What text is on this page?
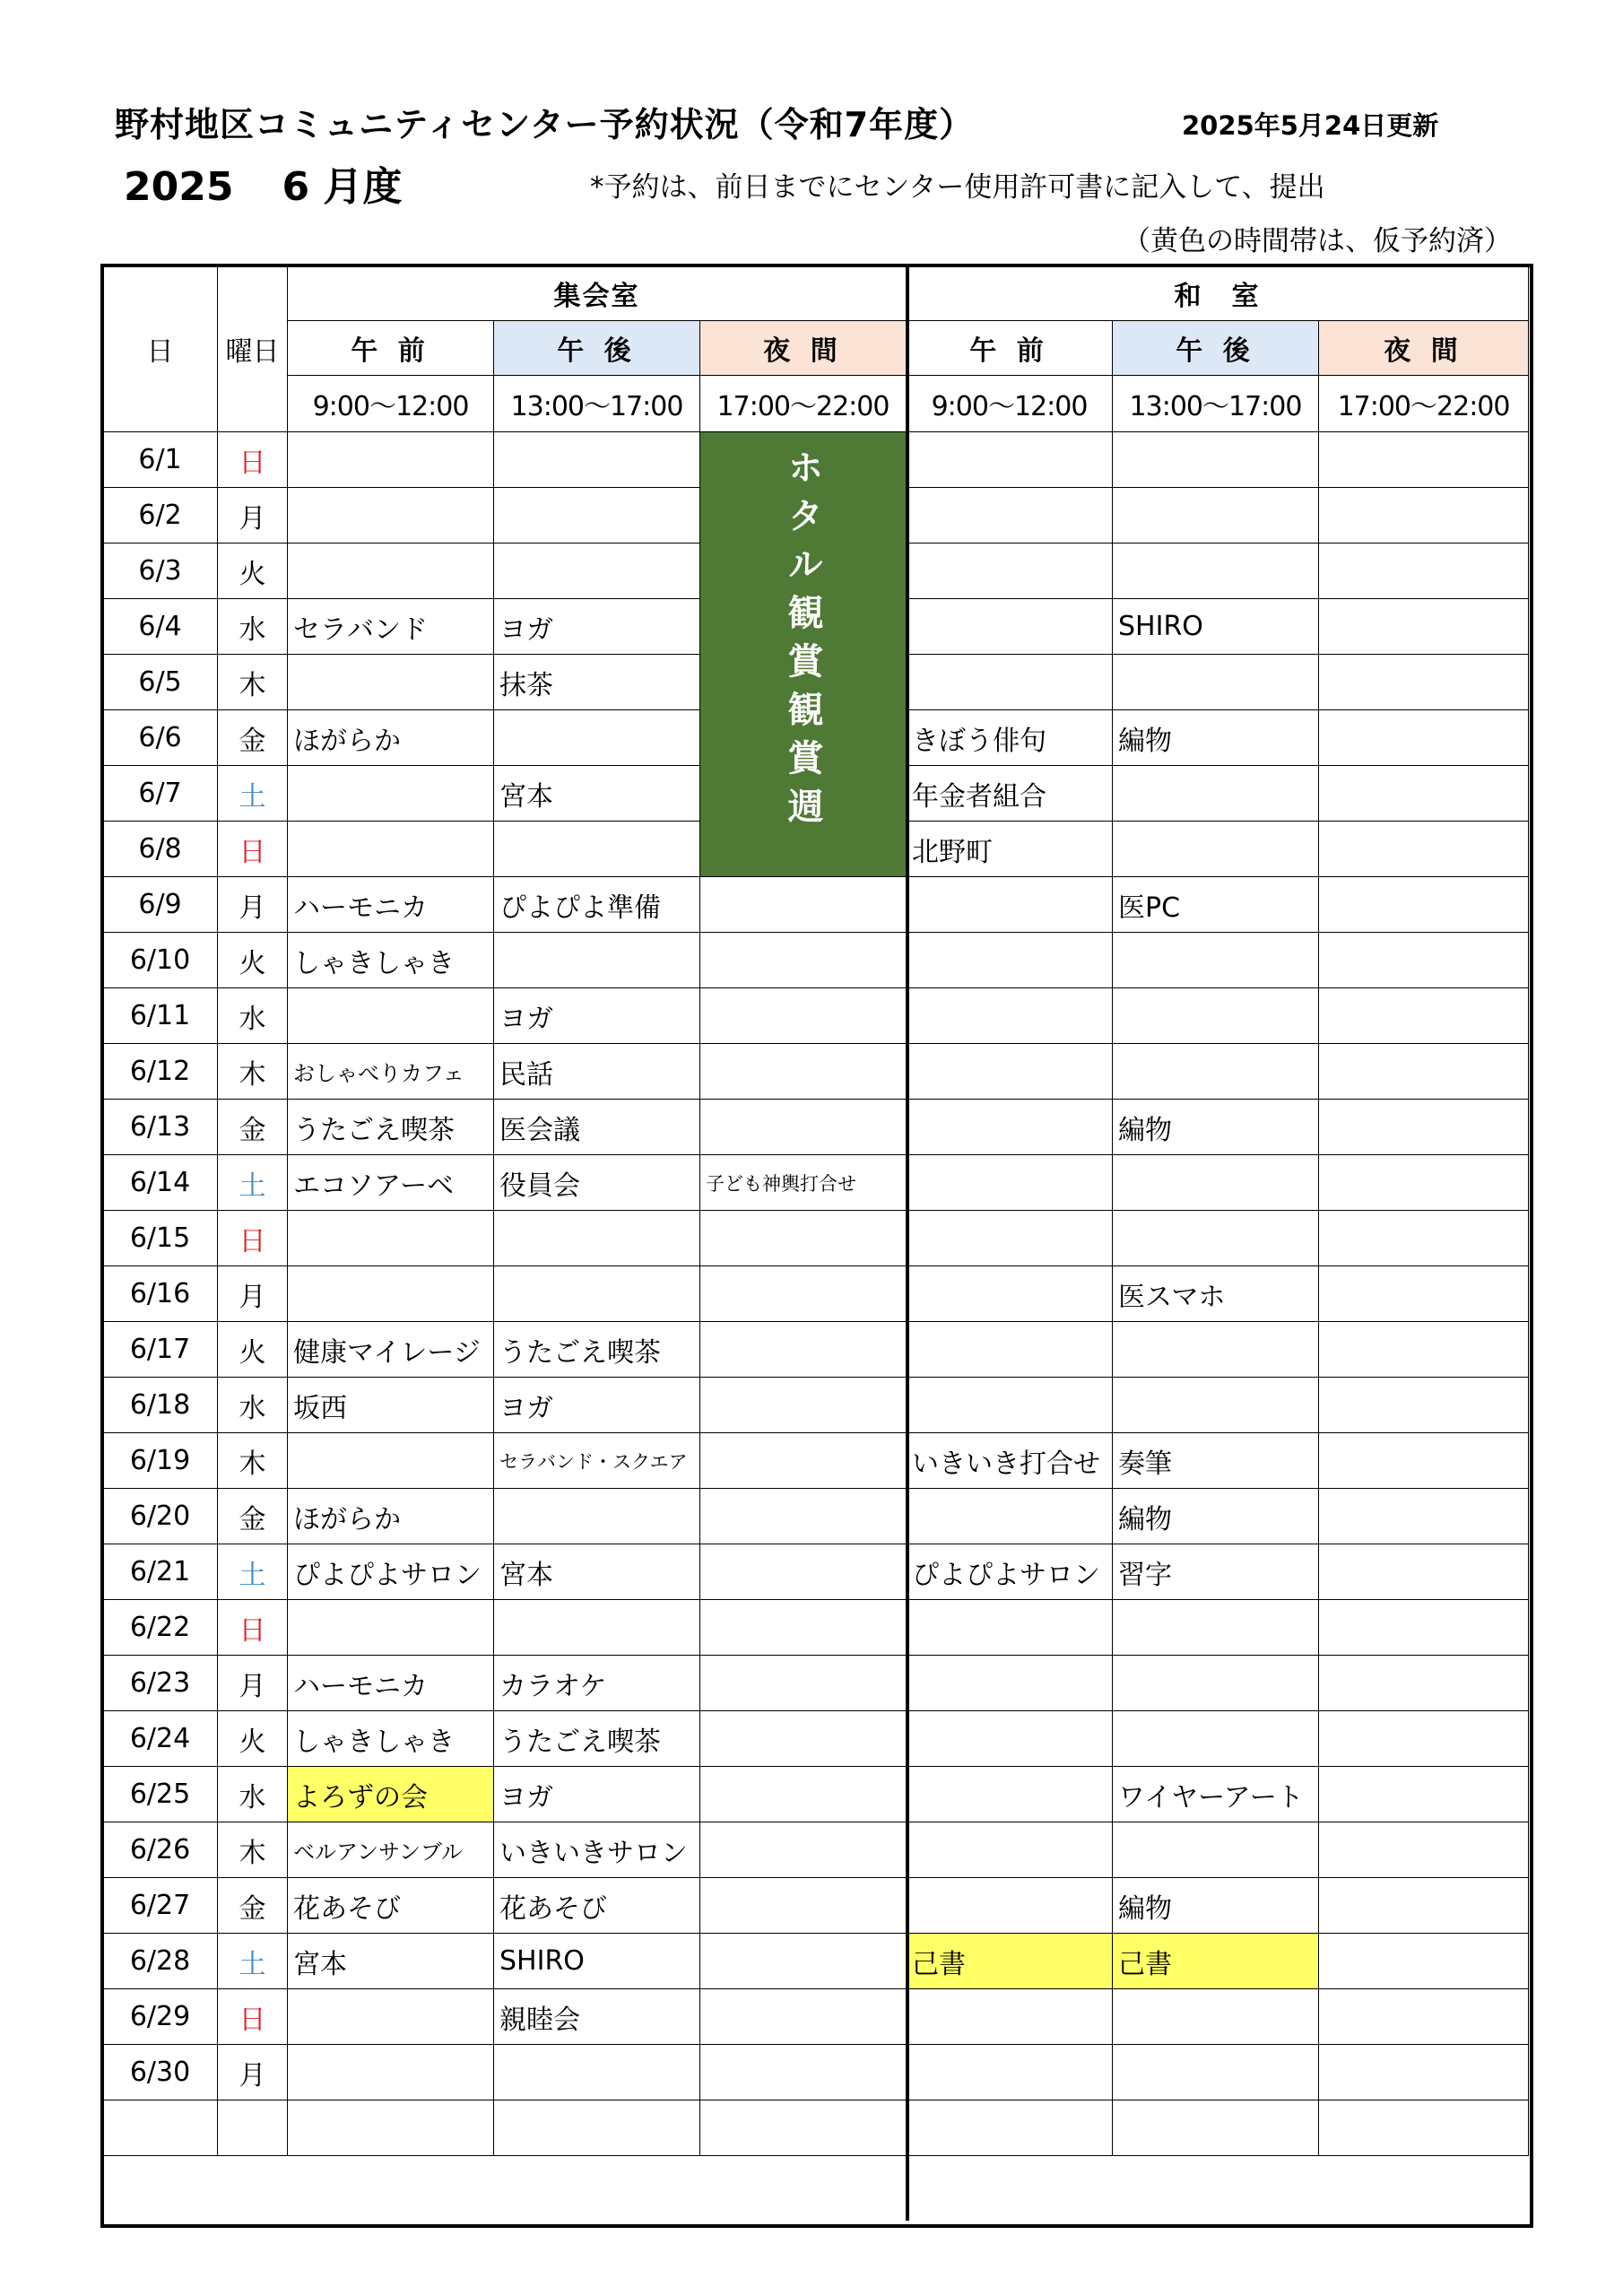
野村地区コミュニティセンター予約状況（令和7年度）	2025年5月24日更新
2025 6 月度	*予約は、前日までにセンター使用許可書に記入して、提出
（黄色の時間帯は、仮予約済）
日	曜日	集会室			和　室		
		午 前	午 後	夜 間	午 前	午 後	夜 間
		9:00～12:00	13:00～17:00	17:00～22:00	9:00～12:00	13:00～17:00	17:00～22:00
6/1	日			ホタル観賞観賞週			
6/2	月						
6/3	火						
6/4	水	セラバンド	ヨガ			SHIRO	
6/5	木		抹茶				
6/6	金	ほがらか			きぼう俳句	編物	
6/7	土		宮本		年金者組合		
6/8	日				北野町		
6/9	月	ハーモニカ	ぴよぴよ準備			医PC	
6/10	火	しゃきしゃき					
6/11	水		ヨガ				
6/12	木	おしゃべりカフェ	民話				
6/13	金	うたごえ喫茶	医会議			編物	
6/14	土	エコソアーベ	役員会	子ども神輿打合せ			
6/15	日						
6/16	月					医スマホ	
6/17	火	健康マイレージ	うたごえ喫茶				
6/18	水	坂西	ヨガ				
6/19	木		セラバンド・スクエア		いきいき打合せ	奏筆	
6/20	金	ほがらか				編物	
6/21	土	ぴよぴよサロン	宮本		ぴよぴよサロン	習字	
6/22	日						
6/23	月	ハーモニカ	カラオケ				
6/24	火	しゃきしゃき	うたごえ喫茶				
6/25	水	よろずの会	ヨガ			ワイヤーアート	
6/26	木	ベルアンサンブル	いきいきサロン				
6/27	金	花あそび	花あそび			編物	
6/28	土	宮本	SHIRO		己書	己書	
6/29	日		親睦会				
6/30	月						
